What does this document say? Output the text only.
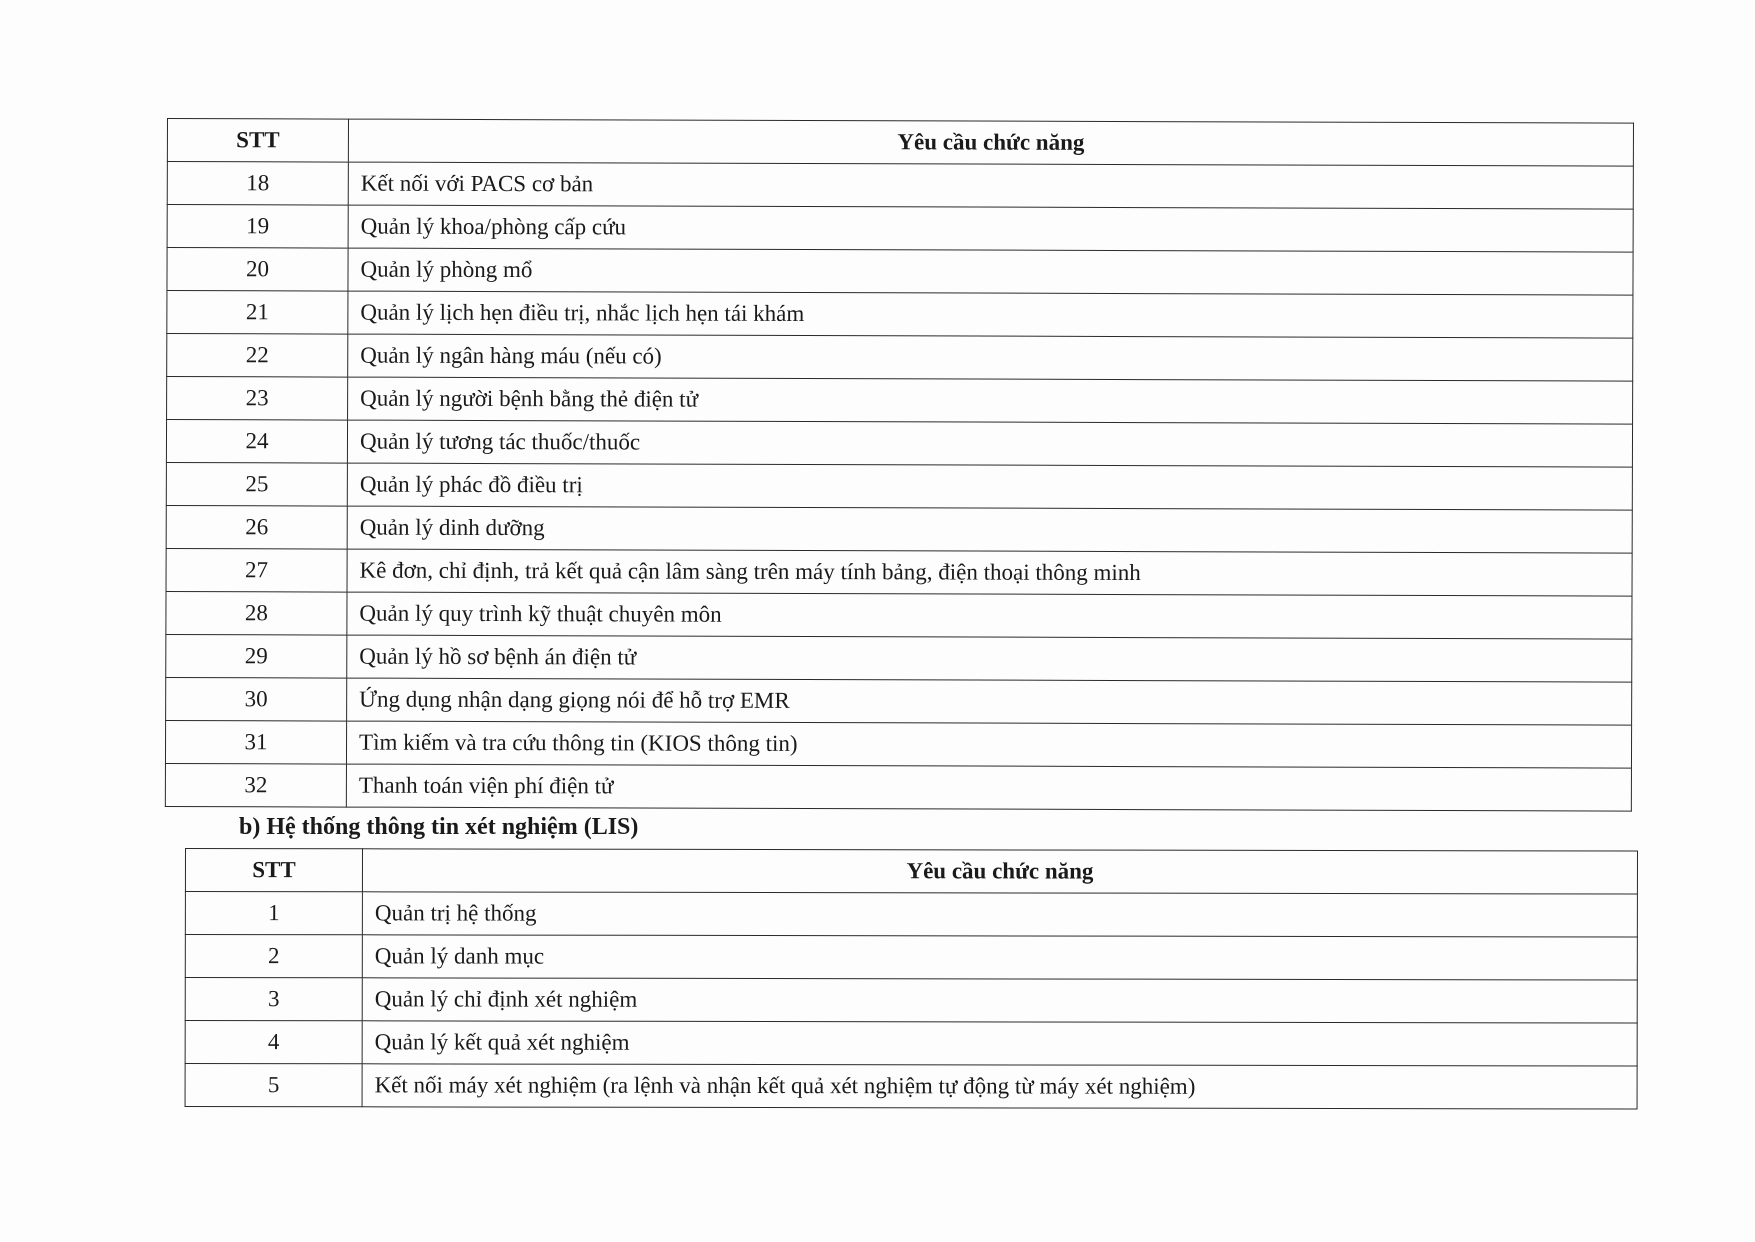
STT	Yêu cầu chức năng
18	Kết nối với PACS cơ bản
19	Quản lý khoa/phòng cấp cứu
20	Quản lý phòng mổ
21	Quản lý lịch hẹn điều trị, nhắc lịch hẹn tái khám
22	Quản lý ngân hàng máu (nếu có)
23	Quản lý người bệnh bằng thẻ điện tử
24	Quản lý tương tác thuốc/thuốc
25	Quản lý phác đồ điều trị
26	Quản lý dinh dưỡng
27	Kê đơn, chỉ định, trả kết quả cận lâm sàng trên máy tính bảng, điện thoại thông minh
28	Quản lý quy trình kỹ thuật chuyên môn
29	Quản lý hồ sơ bệnh án điện tử
30	Ứng dụng nhận dạng giọng nói để hỗ trợ EMR
31	Tìm kiếm và tra cứu thông tin (KIOS thông tin)
32	Thanh toán viện phí điện tử
b) Hệ thống thông tin xét nghiệm (LIS)
STT	Yêu cầu chức năng
1	Quản trị hệ thống
2	Quản lý danh mục
3	Quản lý chỉ định xét nghiệm
4	Quản lý kết quả xét nghiệm
5	Kết nối máy xét nghiệm (ra lệnh và nhận kết quả xét nghiệm tự động từ máy xét nghiệm)
